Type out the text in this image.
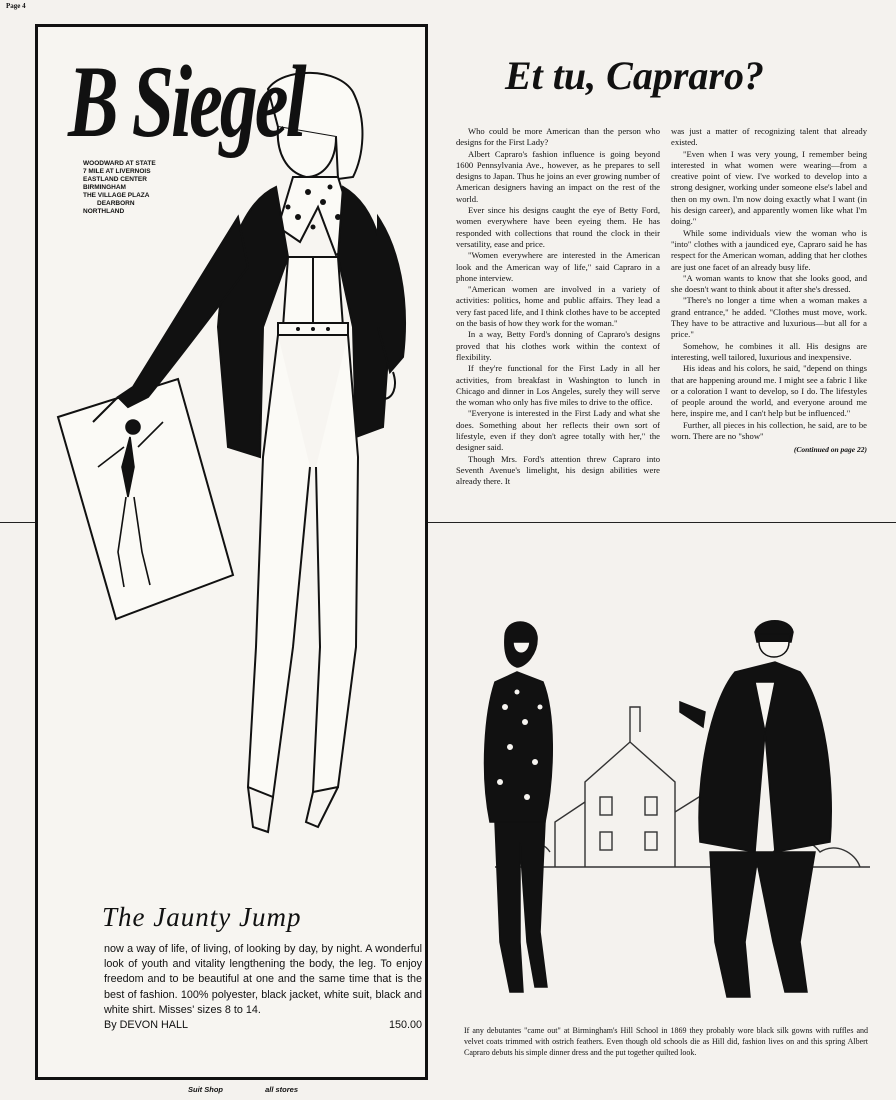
Page 4
B Siegel
WOODWARD AT STATE
7 MILE AT LIVERNOIS
EASTLAND CENTER
BIRMINGHAM
THE VILLAGE PLAZA
DEARBORN
NORTHLAND
The Jaunty Jump
now a way of life, of living, of looking by day, by night. A wonderful look of youth and vitality lengthening the body, the leg. To enjoy freedom and to be beautiful at one and the same time that is the best of fashion. 100% polyester, black jacket, white suit, black and white shirt. Misses' sizes 8 to 14.
By DEVON HALL	150.00
Suit Shop	all stores
Et tu, Capraro?

Who could be more American than the person who designs for the First Lady?

Albert Capraro's fashion influence is going beyond 1600 Pennsylvania Ave., however, as he prepares to sell designs to Japan. Thus he joins an ever growing number of American designers having an impact on the rest of the world.

Ever since his designs caught the eye of Betty Ford, women everywhere have been eyeing them. He has responded with collections that round the clock in their versatility, ease and price.

"Women everywhere are interested in the American look and the American way of life," said Capraro in a phone interview.

"American women are involved in a variety of activities: politics, home and public affairs. They lead a very fast paced life, and I think clothes have to be accepted on the basis of how they work for the woman."

In a way, Betty Ford's donning of Capraro's designs proved that his clothes work within the context of flexibility.

If they're functional for the First Lady in all her activities, from breakfast in Washington to lunch in Chicago and dinner in Los Angeles, surely they will serve the woman who only has five miles to drive to the office.

"Everyone is interested in the First Lady and what she does. Something about her reflects their own sort of lifestyle, even if they don't agree totally with her," the designer said.

Though Mrs. Ford's attention threw Capraro into Seventh Avenue's limelight, his design abilities were already there. It

was just a matter of recognizing talent that already existed.

"Even when I was very young, I remember being interested in what women were wearing—from a creative point of view. I've worked to develop into a strong designer, working under someone else's label and then on my own. I'm now doing exactly what I want (in his design career), and apparently women like what I'm doing."

While some individuals view the woman who is "into" clothes with a jaundiced eye, Capraro said he has respect for the American woman, adding that her clothes are just one facet of an already busy life.

"A woman wants to know that she looks good, and she doesn't want to think about it after she's dressed.

"There's no longer a time when a woman makes a grand entrance," he added. "Clothes must move, work. They have to be attractive and luxurious—but all for a price."

Somehow, he combines it all. His designs are interesting, well tailored, luxurious and inexpensive.

His ideas and his colors, he said, "depend on things that are happening around me. I might see a fabric I like or a coloration I want to develop, so I do. The lifestyles of people around the world, and everyone around me here, inspire me, and I can't help but be influenced."

Further, all pieces in his collection, he said, are to be worn. There are no "show"

(Continued on page 22)
If any debutantes "came out" at Birmingham's Hill School in 1869 they probably wore black silk gowns with ruffles and velvet coats trimmed with ostrich feathers. Even though old schools die as Hill did, fashion lives on and this spring Albert Capraro debuts his simple dinner dress and the put together quilted look.
